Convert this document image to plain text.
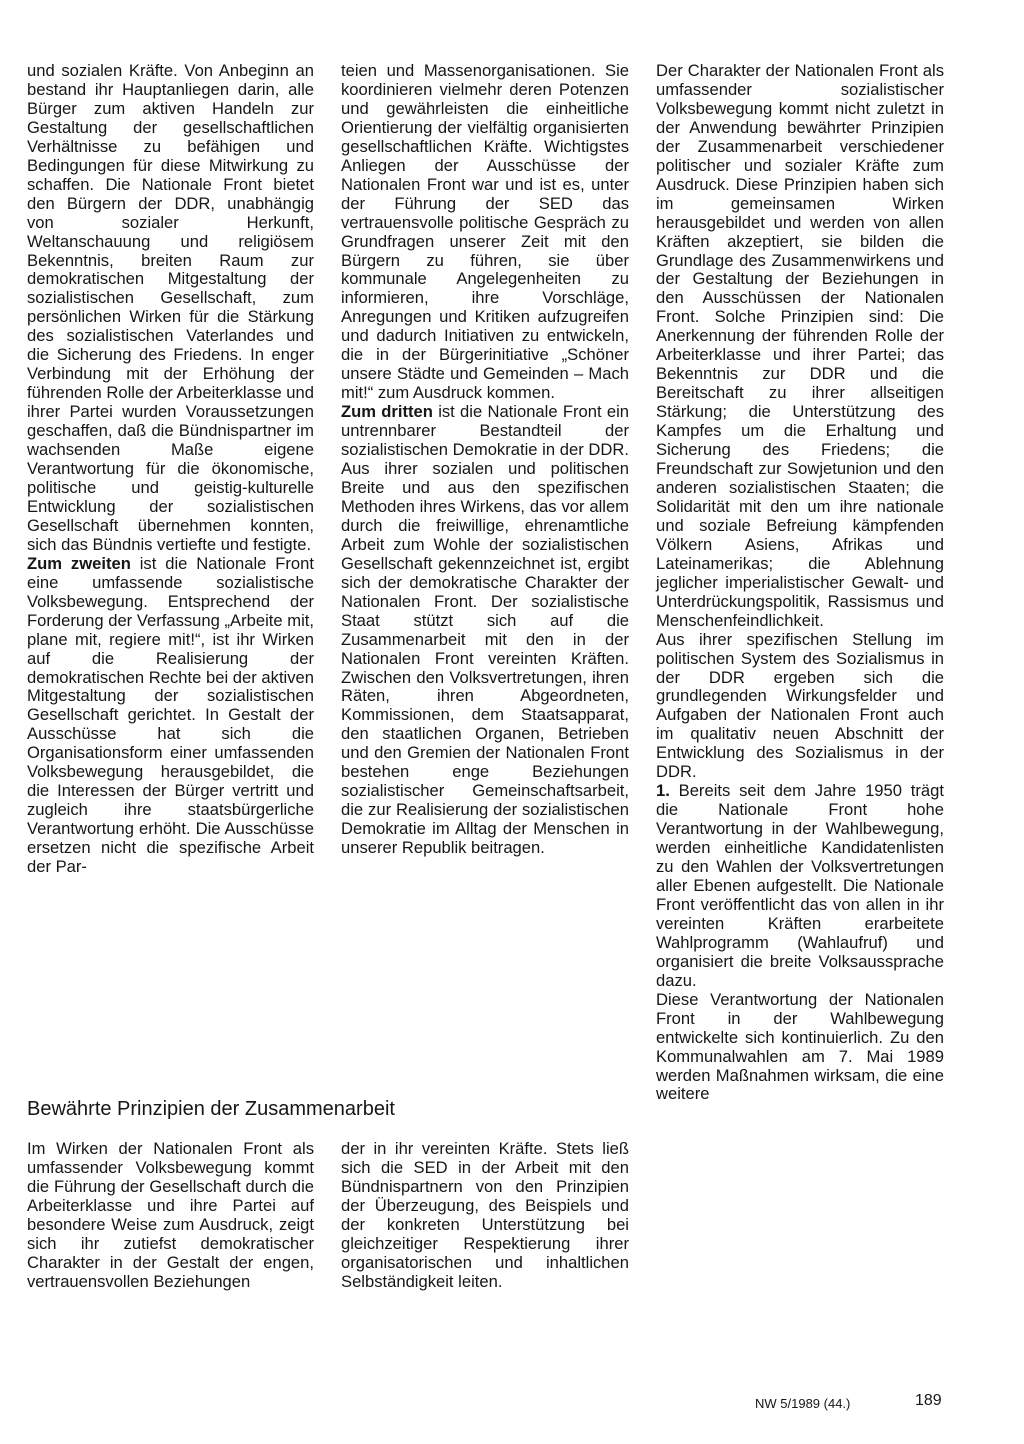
und sozialen Kräfte. Von Anbeginn an bestand ihr Hauptanliegen darin, alle Bürger zum aktiven Handeln zur Gestaltung der gesellschaftlichen Verhältnisse zu befähigen und Bedingungen für diese Mitwirkung zu schaffen. Die Nationale Front bietet den Bürgern der DDR, unabhängig von sozialer Herkunft, Weltanschauung und religiösem Bekenntnis, breiten Raum zur demokratischen Mitgestaltung der sozialistischen Gesellschaft, zum persönlichen Wirken für die Stärkung des sozialistischen Vaterlandes und die Sicherung des Friedens. In enger Verbindung mit der Erhöhung der führenden Rolle der Arbeiterklasse und ihrer Partei wurden Voraussetzungen geschaffen, daß die Bündnispartner im wachsenden Maße eigene Verantwortung für die ökonomische, politische und geistig-kulturelle Entwicklung der sozialistischen Gesellschaft übernehmen konnten, sich das Bündnis vertiefte und festigte.

Zum zweiten ist die Nationale Front eine umfassende sozialistische Volksbewegung. Entsprechend der Forderung der Verfassung „Arbeite mit, plane mit, regiere mit!“, ist ihr Wirken auf die Realisierung der demokratischen Rechte bei der aktiven Mitgestaltung der sozialistischen Gesellschaft gerichtet. In Gestalt der Ausschüsse hat sich die Organisationsform einer umfassenden Volksbewegung herausgebildet, die die Interessen der Bürger vertritt und zugleich ihre staatsbürgerliche Verantwortung erhöht. Die Ausschüsse ersetzen nicht die spezifische Arbeit der Par-

teien und Massenorganisationen. Sie koordinieren vielmehr deren Potenzen und gewährleisten die einheitliche Orientierung der vielfältig organisierten gesellschaftlichen Kräfte. Wichtigstes Anliegen der Ausschüsse der Nationalen Front war und ist es, unter der Führung der SED das vertrauensvolle politische Gespräch zu Grundfragen unserer Zeit mit den Bürgern zu führen, sie über kommunale Angelegenheiten zu informieren, ihre Vorschläge, Anregungen und Kritiken aufzugreifen und dadurch Initiativen zu entwickeln, die in der Bürgerinitiative „Schöner unsere Städte und Gemeinden – Mach mit!“ zum Ausdruck kommen.

Zum dritten ist die Nationale Front ein untrennbarer Bestandteil der sozialistischen Demokratie in der DDR. Aus ihrer sozialen und politischen Breite und aus den spezifischen Methoden ihres Wirkens, das vor allem durch die freiwillige, ehrenamtliche Arbeit zum Wohle der sozialistischen Gesellschaft gekennzeichnet ist, ergibt sich der demokratische Charakter der Nationalen Front. Der sozialistische Staat stützt sich auf die Zusammenarbeit mit den in der Nationalen Front vereinten Kräften. Zwischen den Volksvertretungen, ihren Räten, ihren Abgeordneten, Kommissionen, dem Staatsapparat, den staatlichen Organen, Betrieben und den Gremien der Nationalen Front bestehen enge Beziehungen sozialistischer Gemeinschaftsarbeit, die zur Realisierung der sozialistischen Demokratie im Alltag der Menschen in unserer Republik beitragen.

Der Charakter der Nationalen Front als umfassender sozialistischer Volksbewegung kommt nicht zuletzt in der Anwendung bewährter Prinzipien der Zusammenarbeit verschiedener politischer und sozialer Kräfte zum Ausdruck. Diese Prinzipien haben sich im gemeinsamen Wirken herausgebildet und werden von allen Kräften akzeptiert, sie bilden die Grundlage des Zusammenwirkens und der Gestaltung der Beziehungen in den Ausschüssen der Nationalen Front. Solche Prinzipien sind: Die Anerkennung der führenden Rolle der Arbeiterklasse und ihrer Partei; das Bekenntnis zur DDR und die Bereitschaft zu ihrer allseitigen Stärkung; die Unterstützung des Kampfes um die Erhaltung und Sicherung des Friedens; die Freundschaft zur Sowjetunion und den anderen sozialistischen Staaten; die Solidarität mit den um ihre nationale und soziale Befreiung kämpfenden Völkern Asiens, Afrikas und Lateinamerikas; die Ablehnung jeglicher imperialistischer Gewalt- und Unterdrückungspolitik, Rassismus und Menschenfeindlichkeit.

Aus ihrer spezifischen Stellung im politischen System des Sozialismus in der DDR ergeben sich die grundlegenden Wirkungsfelder und Aufgaben der Nationalen Front auch im qualitativ neuen Abschnitt der Entwicklung des Sozialismus in der DDR.

1. Bereits seit dem Jahre 1950 trägt die Nationale Front hohe Verantwortung in der Wahlbewegung, werden einheitliche Kandidatenlisten zu den Wahlen der Volksvertretungen aller Ebenen aufgestellt. Die Nationale Front veröffentlicht das von allen in ihr vereinten Kräften erarbeitete Wahlprogramm (Wahlaufruf) und organisiert die breite Volksaussprache dazu.

Diese Verantwortung der Nationalen Front in der Wahlbewegung entwickelte sich kontinuierlich. Zu den Kommunalwahlen am 7. Mai 1989 werden Maßnahmen wirksam, die eine weitere

Bewährte Prinzipien der Zusammenarbeit

Im Wirken der Nationalen Front als umfassender Volksbewegung kommt die Führung der Gesellschaft durch die Arbeiterklasse und ihre Partei auf besondere Weise zum Ausdruck, zeigt sich ihr zutiefst demokratischer Charakter in der Gestalt der engen, vertrauensvollen Beziehungen

der in ihr vereinten Kräfte. Stets ließ sich die SED in der Arbeit mit den Bündnispartnern von den Prinzipien der Überzeugung, des Beispiels und der konkreten Unterstützung bei gleichzeitiger Respektierung ihrer organisatorischen und inhaltlichen Selbständigkeit leiten.

NW 5/1989 (44.)	189
